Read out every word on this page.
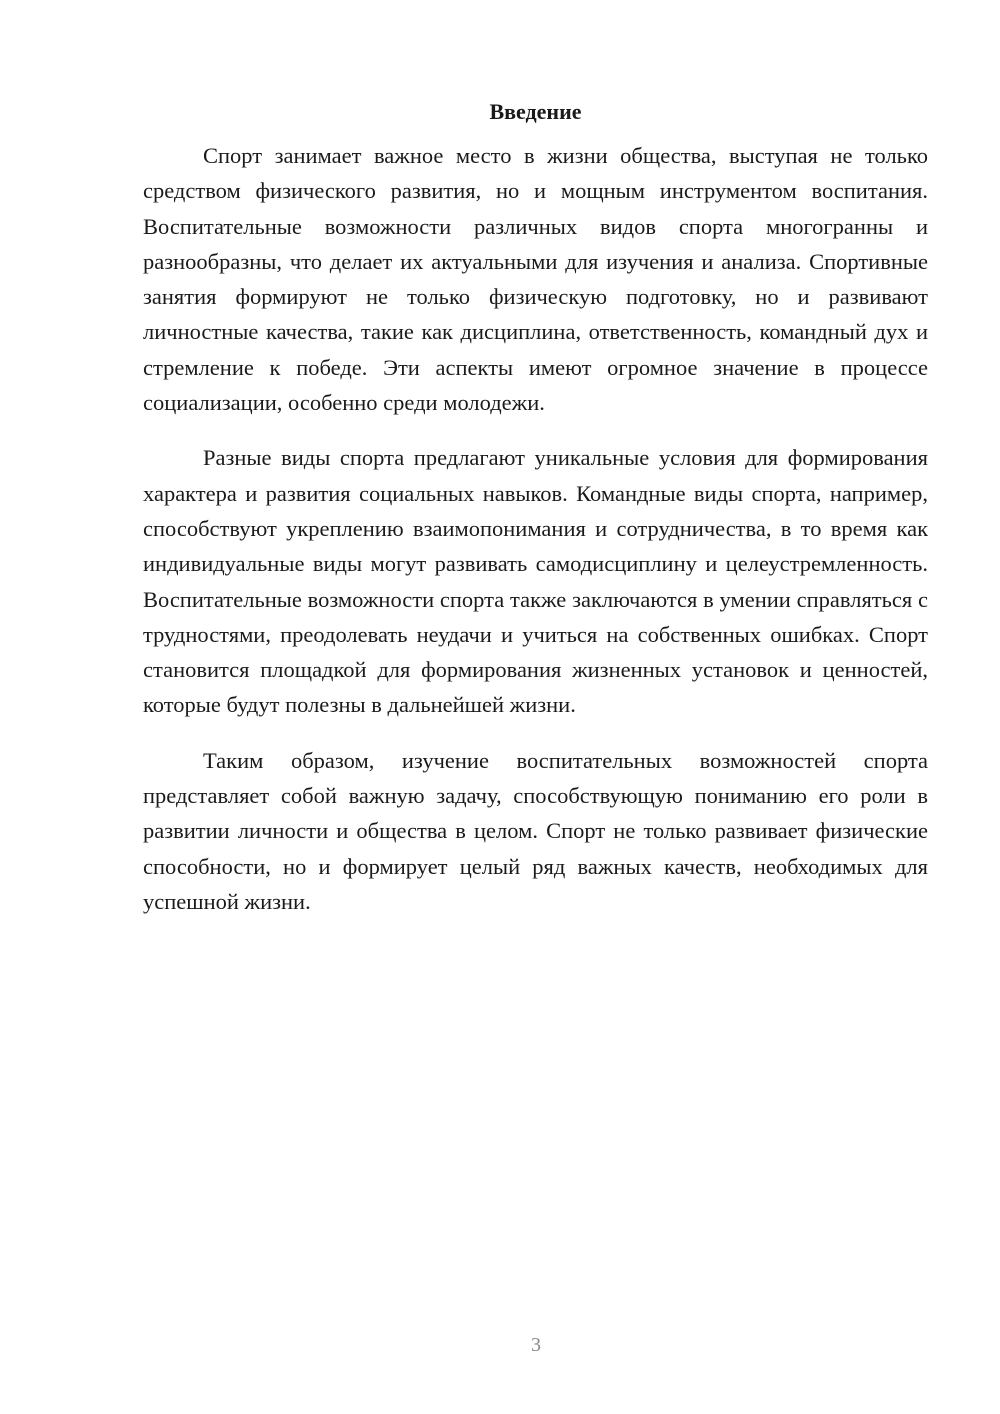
Введение

Спорт занимает важное место в жизни общества, выступая не только средством физического развития, но и мощным инструментом воспитания. Воспитательные возможности различных видов спорта многогранны и разнообразны, что делает их актуальными для изучения и анализа. Спортивные занятия формируют не только физическую подготовку, но и развивают личностные качества, такие как дисциплина, ответственность, командный дух и стремление к победе. Эти аспекты имеют огромное значение в процессе социализации, особенно среди молодежи.

Разные виды спорта предлагают уникальные условия для формирования характера и развития социальных навыков. Командные виды спорта, например, способствуют укреплению взаимопонимания и сотрудничества, в то время как индивидуальные виды могут развивать самодисциплину и целеустремленность. Воспитательные возможности спорта также заключаются в умении справляться с трудностями, преодолевать неудачи и учиться на собственных ошибках. Спорт становится площадкой для формирования жизненных установок и ценностей, которые будут полезны в дальнейшей жизни.

Таким образом, изучение воспитательных возможностей спорта представляет собой важную задачу, способствующую пониманию его роли в развитии личности и общества в целом. Спорт не только развивает физические способности, но и формирует целый ряд важных качеств, необходимых для успешной жизни.

3
